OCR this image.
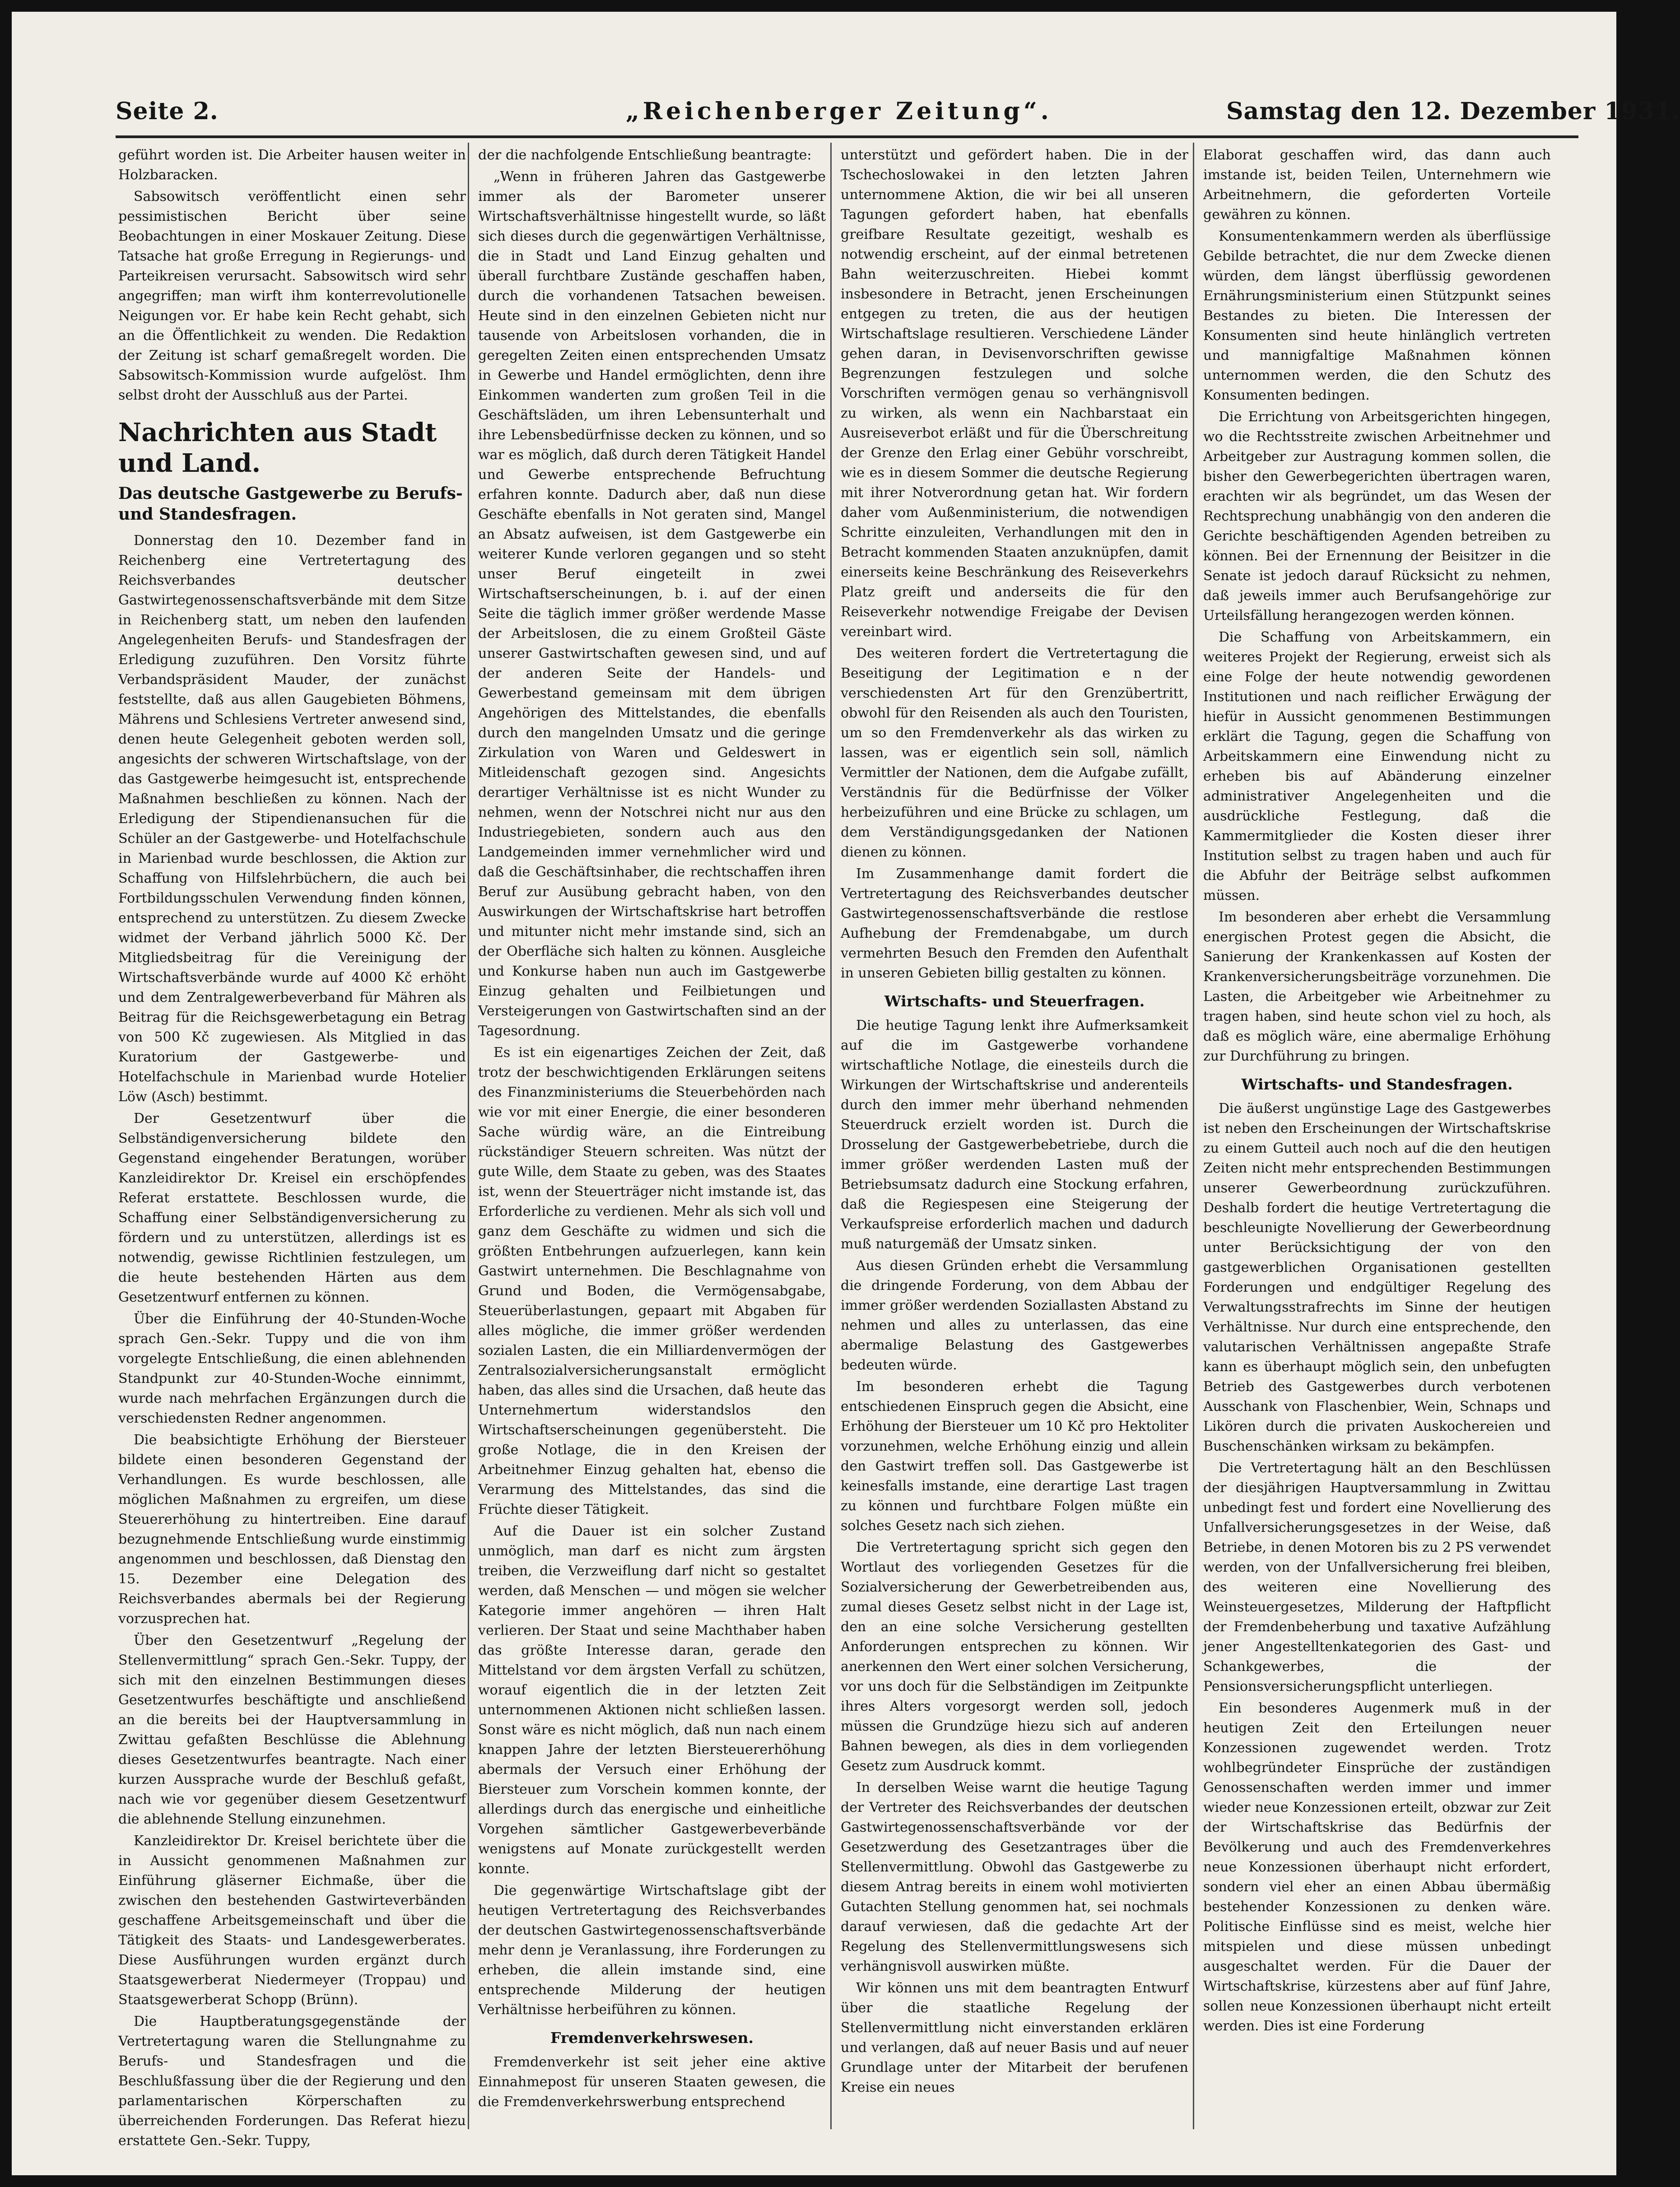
Seite 2.	„Reichenberger Zeitung“.	Samstag den 12. Dezember 1931.

geführt worden ist. Die Arbeiter hausen weiter in Holzbaracken.

Sabsowitsch veröffentlicht einen sehr pessimistischen Bericht über seine Beobachtungen in einer Moskauer Zeitung. Diese Tatsache hat große Erregung in Regierungs- und Parteikreisen verursacht. Sabsowitsch wird sehr angegriffen; man wirft ihm konterrevolutionelle Neigungen vor. Er habe kein Recht gehabt, sich an die Öffentlichkeit zu wenden. Die Redaktion der Zeitung ist scharf gemaßregelt worden. Die Sabsowitsch-Kommission wurde aufgelöst. Ihm selbst droht der Ausschluß aus der Partei.

Nachrichten aus Stadt und Land.
Das deutsche Gastgewerbe zu Berufs- und Standesfragen.

Donnerstag den 10. Dezember fand in Reichenberg eine Vertretertagung des Reichsverbandes deutscher Gastwirtegenossenschaftsverbände mit dem Sitze in Reichenberg statt, um neben den laufenden Angelegenheiten Berufs- und Standesfragen der Erledigung zuzuführen. Den Vorsitz führte Verbandspräsident Mauder, der zunächst feststellte, daß aus allen Gaugebieten Böhmens, Mährens und Schlesiens Vertreter anwesend sind, denen heute Gelegenheit geboten werden soll, angesichts der schweren Wirtschaftslage, von der das Gastgewerbe heimgesucht ist, entsprechende Maßnahmen beschließen zu können. Nach der Erledigung der Stipendienansuchen für die Schüler an der Gastgewerbe- und Hotelfachschule in Marienbad wurde beschlossen, die Aktion zur Schaffung von Hilfslehrbüchern, die auch bei Fortbildungsschulen Verwendung finden können, entsprechend zu unterstützen. Zu diesem Zwecke widmet der Verband jährlich 5000 Kč. Der Mitgliedsbeitrag für die Vereinigung der Wirtschaftsverbände wurde auf 4000 Kč erhöht und dem Zentralgewerbeverband für Mähren als Beitrag für die Reichsgewerbetagung ein Betrag von 500 Kč zugewiesen. Als Mitglied in das Kuratorium der Gastgewerbe- und Hotelfachschule in Marienbad wurde Hotelier Löw (Asch) bestimmt.

Der Gesetzentwurf über die Selbständigenversicherung bildete den Gegenstand eingehender Beratungen, worüber Kanzleidirektor Dr. Kreisel ein erschöpfendes Referat erstattete. Beschlossen wurde, die Schaffung einer Selbständigenversicherung zu fördern und zu unterstützen, allerdings ist es notwendig, gewisse Richtlinien festzulegen, um die heute bestehenden Härten aus dem Gesetzentwurf entfernen zu können.

Über die Einführung der 40-Stunden-Woche sprach Gen.-Sekr. Tuppy und die von ihm vorgelegte Entschließung, die einen ablehnenden Standpunkt zur 40-Stunden-Woche einnimmt, wurde nach mehrfachen Ergänzungen durch die verschiedensten Redner angenommen.

Die beabsichtigte Erhöhung der Biersteuer bildete einen besonderen Gegenstand der Verhandlungen. Es wurde beschlossen, alle möglichen Maßnahmen zu ergreifen, um diese Steuererhöhung zu hintertreiben. Eine darauf bezugnehmende Entschließung wurde einstimmig angenommen und beschlossen, daß Dienstag den 15. Dezember eine Delegation des Reichsverbandes abermals bei der Regierung vorzusprechen hat.

Über den Gesetzentwurf „Regelung der Stellenvermittlung“ sprach Gen.-Sekr. Tuppy, der sich mit den einzelnen Bestimmungen dieses Gesetzentwurfes beschäftigte und anschließend an die bereits bei der Hauptversammlung in Zwittau gefaßten Beschlüsse die Ablehnung dieses Gesetzentwurfes beantragte. Nach einer kurzen Aussprache wurde der Beschluß gefaßt, nach wie vor gegenüber diesem Gesetzentwurf die ablehnende Stellung einzunehmen.

Kanzleidirektor Dr. Kreisel berichtete über die in Aussicht genommenen Maßnahmen zur Einführung gläserner Eichmaße, über die zwischen den bestehenden Gastwirteverbänden geschaffene Arbeitsgemeinschaft und über die Tätigkeit des Staats- und Landesgewerberates. Diese Ausführungen wurden ergänzt durch Staatsgewerberat Niedermeyer (Troppau) und Staatsgewerberat Schopp (Brünn).

Die Hauptberatungsgegenstände der Vertretertagung waren die Stellungnahme zu Berufs- und Standesfragen und die Beschlußfassung über die der Regierung und den parlamentarischen Körperschaften zu überreichenden Forderungen. Das Referat hiezu erstattete Gen.-Sekr. Tuppy,

der die nachfolgende Entschließung beantragte:

„Wenn in früheren Jahren das Gastgewerbe immer als der Barometer unserer Wirtschaftsverhältnisse hingestellt wurde, so läßt sich dieses durch die gegenwärtigen Verhältnisse, die in Stadt und Land Einzug gehalten und überall furchtbare Zustände geschaffen haben, durch die vorhandenen Tatsachen beweisen. Heute sind in den einzelnen Gebieten nicht nur tausende von Arbeitslosen vorhanden, die in geregelten Zeiten einen entsprechenden Umsatz in Gewerbe und Handel ermöglichten, denn ihre Einkommen wanderten zum großen Teil in die Geschäftsläden, um ihren Lebensunterhalt und ihre Lebensbedürfnisse decken zu können, und so war es möglich, daß durch deren Tätigkeit Handel und Gewerbe entsprechende Befruchtung erfahren konnte. Dadurch aber, daß nun diese Geschäfte ebenfalls in Not geraten sind, Mangel an Absatz aufweisen, ist dem Gastgewerbe ein weiterer Kunde verloren gegangen und so steht unser Beruf eingeteilt in zwei Wirtschaftserscheinungen, b. i. auf der einen Seite die täglich immer größer werdende Masse der Arbeitslosen, die zu einem Großteil Gäste unserer Gastwirtschaften gewesen sind, und auf der anderen Seite der Handels- und Gewerbestand gemeinsam mit dem übrigen Angehörigen des Mittelstandes, die ebenfalls durch den mangelnden Umsatz und die geringe Zirkulation von Waren und Geldeswert in Mitleidenschaft gezogen sind. Angesichts derartiger Verhältnisse ist es nicht Wunder zu nehmen, wenn der Notschrei nicht nur aus den Industriegebieten, sondern auch aus den Landgemeinden immer vernehmlicher wird und daß die Geschäftsinhaber, die rechtschaffen ihren Beruf zur Ausübung gebracht haben, von den Auswirkungen der Wirtschaftskrise hart betroffen und mitunter nicht mehr imstande sind, sich an der Oberfläche sich halten zu können. Ausgleiche und Konkurse haben nun auch im Gastgewerbe Einzug gehalten und Feilbietungen und Versteigerungen von Gastwirtschaften sind an der Tagesordnung.

Es ist ein eigenartiges Zeichen der Zeit, daß trotz der beschwichtigenden Erklärungen seitens des Finanzministeriums die Steuerbehörden nach wie vor mit einer Energie, die einer besonderen Sache würdig wäre, an die Eintreibung rückständiger Steuern schreiten. Was nützt der gute Wille, dem Staate zu geben, was des Staates ist, wenn der Steuerträger nicht imstande ist, das Erforderliche zu verdienen. Mehr als sich voll und ganz dem Geschäfte zu widmen und sich die größten Entbehrungen aufzuerlegen, kann kein Gastwirt unternehmen. Die Beschlagnahme von Grund und Boden, die Vermögensabgabe, Steuerüberlastungen, gepaart mit Abgaben für alles mögliche, die immer größer werdenden sozialen Lasten, die ein Milliardenvermögen der Zentralsozialversicherungsanstalt ermöglicht haben, das alles sind die Ursachen, daß heute das Unternehmertum widerstandslos den Wirtschaftserscheinungen gegenübersteht. Die große Notlage, die in den Kreisen der Arbeitnehmer Einzug gehalten hat, ebenso die Verarmung des Mittelstandes, das sind die Früchte dieser Tätigkeit.

Auf die Dauer ist ein solcher Zustand unmöglich, man darf es nicht zum ärgsten treiben, die Verzweiflung darf nicht so gestaltet werden, daß Menschen — und mögen sie welcher Kategorie immer angehören — ihren Halt verlieren. Der Staat und seine Machthaber haben das größte Interesse daran, gerade den Mittelstand vor dem ärgsten Verfall zu schützen, worauf eigentlich die in der letzten Zeit unternommenen Aktionen nicht schließen lassen. Sonst wäre es nicht möglich, daß nun nach einem knappen Jahre der letzten Biersteuererhöhung abermals der Versuch einer Erhöhung der Biersteuer zum Vorschein kommen konnte, der allerdings durch das energische und einheitliche Vorgehen sämtlicher Gastgewerbeverbände wenigstens auf Monate zurückgestellt werden konnte.

Die gegenwärtige Wirtschaftslage gibt der heutigen Vertretertagung des Reichsverbandes der deutschen Gastwirtegenossenschaftsverbände mehr denn je Veranlassung, ihre Forderungen zu erheben, die allein imstande sind, eine entsprechende Milderung der heutigen Verhältnisse herbeiführen zu können.

Fremdenverkehrswesen.

Fremdenverkehr ist seit jeher eine aktive Einnahmepost für unseren Staaten gewesen, die die Fremdenverkehrswerbung entsprechend

unterstützt und gefördert haben. Die in der Tschechoslowakei in den letzten Jahren unternommene Aktion, die wir bei all unseren Tagungen gefordert haben, hat ebenfalls greifbare Resultate gezeitigt, weshalb es notwendig erscheint, auf der einmal betretenen Bahn weiterzuschreiten. Hiebei kommt insbesondere in Betracht, jenen Erscheinungen entgegen zu treten, die aus der heutigen Wirtschaftslage resultieren. Verschiedene Länder gehen daran, in Devisenvorschriften gewisse Begrenzungen festzulegen und solche Vorschriften vermögen genau so verhängnisvoll zu wirken, als wenn ein Nachbarstaat ein Ausreiseverbot erläßt und für die Überschreitung der Grenze den Erlag einer Gebühr vorschreibt, wie es in diesem Sommer die deutsche Regierung mit ihrer Notverordnung getan hat. Wir fordern daher vom Außenministerium, die notwendigen Schritte einzuleiten, Verhandlungen mit den in Betracht kommenden Staaten anzuknüpfen, damit einerseits keine Beschränkung des Reiseverkehrs Platz greift und anderseits die für den Reiseverkehr notwendige Freigabe der Devisen vereinbart wird.

Des weiteren fordert die Vertretertagung die Beseitigung der Legitimation e n der verschiedensten Art für den Grenzübertritt, obwohl für den Reisenden als auch den Touristen, um so den Fremdenverkehr als das wirken zu lassen, was er eigentlich sein soll, nämlich Vermittler der Nationen, dem die Aufgabe zufällt, Verständnis für die Bedürfnisse der Völker herbeizuführen und eine Brücke zu schlagen, um dem Verständigungsgedanken der Nationen dienen zu können.

Im Zusammenhange damit fordert die Vertretertagung des Reichsverbandes deutscher Gastwirtegenossenschaftsverbände die restlose Aufhebung der Fremdenabgabe, um durch vermehrten Besuch den Fremden den Aufenthalt in unseren Gebieten billig gestalten zu können.

Wirtschafts- und Steuerfragen.

Die heutige Tagung lenkt ihre Aufmerksamkeit auf die im Gastgewerbe vorhandene wirtschaftliche Notlage, die einesteils durch die Wirkungen der Wirtschaftskrise und anderenteils durch den immer mehr überhand nehmenden Steuerdruck erzielt worden ist. Durch die Drosselung der Gastgewerbebetriebe, durch die immer größer werdenden Lasten muß der Betriebsumsatz dadurch eine Stockung erfahren, daß die Regiespesen eine Steigerung der Verkaufspreise erforderlich machen und dadurch muß naturgemäß der Umsatz sinken.

Aus diesen Gründen erhebt die Versammlung die dringende Forderung, von dem Abbau der immer größer werdenden Soziallasten Abstand zu nehmen und alles zu unterlassen, das eine abermalige Belastung des Gastgewerbes bedeuten würde.

Im besonderen erhebt die Tagung entschiedenen Einspruch gegen die Absicht, eine Erhöhung der Biersteuer um 10 Kč pro Hektoliter vorzunehmen, welche Erhöhung einzig und allein den Gastwirt treffen soll. Das Gastgewerbe ist keinesfalls imstande, eine derartige Last tragen zu können und furchtbare Folgen müßte ein solches Gesetz nach sich ziehen.

Die Vertretertagung spricht sich gegen den Wortlaut des vorliegenden Gesetzes für die Sozialversicherung der Gewerbetreibenden aus, zumal dieses Gesetz selbst nicht in der Lage ist, den an eine solche Versicherung gestellten Anforderungen entsprechen zu können. Wir anerkennen den Wert einer solchen Versicherung, vor uns doch für die Selbständigen im Zeitpunkte ihres Alters vorgesorgt werden soll, jedoch müssen die Grundzüge hiezu sich auf anderen Bahnen bewegen, als dies in dem vorliegenden Gesetz zum Ausdruck kommt.

In derselben Weise warnt die heutige Tagung der Vertreter des Reichsverbandes der deutschen Gastwirtegenossenschaftsverbände vor der Gesetzwerdung des Gesetzantrages über die Stellenvermittlung. Obwohl das Gastgewerbe zu diesem Antrag bereits in einem wohl motivierten Gutachten Stellung genommen hat, sei nochmals darauf verwiesen, daß die gedachte Art der Regelung des Stellenvermittlungswesens sich verhängnisvoll auswirken müßte.

Wir können uns mit dem beantragten Entwurf über die staatliche Regelung der Stellenvermittlung nicht einverstanden erklären und verlangen, daß auf neuer Basis und auf neuer Grundlage unter der Mitarbeit der berufenen Kreise ein neues

Elaborat geschaffen wird, das dann auch imstande ist, beiden Teilen, Unternehmern wie Arbeitnehmern, die geforderten Vorteile gewähren zu können.

Konsumentenkammern werden als überflüssige Gebilde betrachtet, die nur dem Zwecke dienen würden, dem längst überflüssig gewordenen Ernährungsministerium einen Stützpunkt seines Bestandes zu bieten. Die Interessen der Konsumenten sind heute hinlänglich vertreten und mannigfaltige Maßnahmen können unternommen werden, die den Schutz des Konsumenten bedingen.

Die Errichtung von Arbeitsgerichten hingegen, wo die Rechtsstreite zwischen Arbeitnehmer und Arbeitgeber zur Austragung kommen sollen, die bisher den Gewerbegerichten übertragen waren, erachten wir als begründet, um das Wesen der Rechtsprechung unabhängig von den anderen die Gerichte beschäftigenden Agenden betreiben zu können. Bei der Ernennung der Beisitzer in die Senate ist jedoch darauf Rücksicht zu nehmen, daß jeweils immer auch Berufsangehörige zur Urteilsfällung herangezogen werden können.

Die Schaffung von Arbeitskammern, ein weiteres Projekt der Regierung, erweist sich als eine Folge der heute notwendig gewordenen Institutionen und nach reiflicher Erwägung der hiefür in Aussicht genommenen Bestimmungen erklärt die Tagung, gegen die Schaffung von Arbeitskammern eine Einwendung nicht zu erheben bis auf Abänderung einzelner administrativer Angelegenheiten und die ausdrückliche Festlegung, daß die Kammermitglieder die Kosten dieser ihrer Institution selbst zu tragen haben und auch für die Abfuhr der Beiträge selbst aufkommen müssen.

Im besonderen aber erhebt die Versammlung energischen Protest gegen die Absicht, die Sanierung der Krankenkassen auf Kosten der Krankenversicherungsbeiträge vorzunehmen. Die Lasten, die Arbeitgeber wie Arbeitnehmer zu tragen haben, sind heute schon viel zu hoch, als daß es möglich wäre, eine abermalige Erhöhung zur Durchführung zu bringen.

Wirtschafts- und Standesfragen.

Die äußerst ungünstige Lage des Gastgewerbes ist neben den Erscheinungen der Wirtschaftskrise zu einem Gutteil auch noch auf die den heutigen Zeiten nicht mehr entsprechenden Bestimmungen unserer Gewerbeordnung zurückzuführen. Deshalb fordert die heutige Vertretertagung die beschleunigte Novellierung der Gewerbeordnung unter Berücksichtigung der von den gastgewerblichen Organisationen gestellten Forderungen und endgültiger Regelung des Verwaltungsstrafrechts im Sinne der heutigen Verhältnisse. Nur durch eine entsprechende, den valutarischen Verhältnissen angepaßte Strafe kann es überhaupt möglich sein, den unbefugten Betrieb des Gastgewerbes durch verbotenen Ausschank von Flaschenbier, Wein, Schnaps und Likören durch die privaten Auskochereien und Buschenschänken wirksam zu bekämpfen.

Die Vertretertagung hält an den Beschlüssen der diesjährigen Hauptversammlung in Zwittau unbedingt fest und fordert eine Novellierung des Unfallversicherungsgesetzes in der Weise, daß Betriebe, in denen Motoren bis zu 2 PS verwendet werden, von der Unfallversicherung frei bleiben, des weiteren eine Novellierung des Weinsteuergesetzes, Milderung der Haftpflicht der Fremdenbeherbung und taxative Aufzählung jener Angestelltenkategorien des Gast- und Schankgewerbes, die der Pensionsversicherungspflicht unterliegen.

Ein besonderes Augenmerk muß in der heutigen Zeit den Erteilungen neuer Konzessionen zugewendet werden. Trotz wohlbegründeter Einsprüche der zuständigen Genossenschaften werden immer und immer wieder neue Konzessionen erteilt, obzwar zur Zeit der Wirtschaftskrise das Bedürfnis der Bevölkerung und auch des Fremdenverkehres neue Konzessionen überhaupt nicht erfordert, sondern viel eher an einen Abbau übermäßig bestehender Konzessionen zu denken wäre. Politische Einflüsse sind es meist, welche hier mitspielen und diese müssen unbedingt ausgeschaltet werden. Für die Dauer der Wirtschaftskrise, kürzestens aber auf fünf Jahre, sollen neue Konzessionen überhaupt nicht erteilt werden. Dies ist eine Forderung
